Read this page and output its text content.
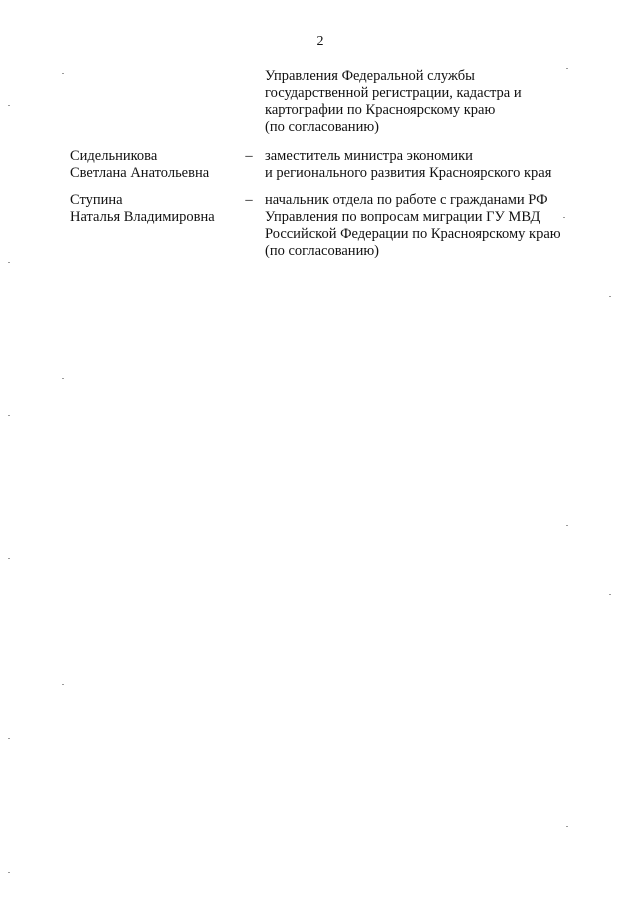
2
Управления Федеральной службы
государственной регистрации, кадастра и
картографии по Красноярскому краю
(по согласованию)
Сидельникова
Светлана Анатольевна
– заместитель министра экономики
и регионального развития Красноярского края
Ступина
Наталья Владимировна
– начальник отдела по работе с гражданами РФ
Управления по вопросам миграции ГУ МВД
Российской Федерации по Красноярскому краю
(по согласованию)
